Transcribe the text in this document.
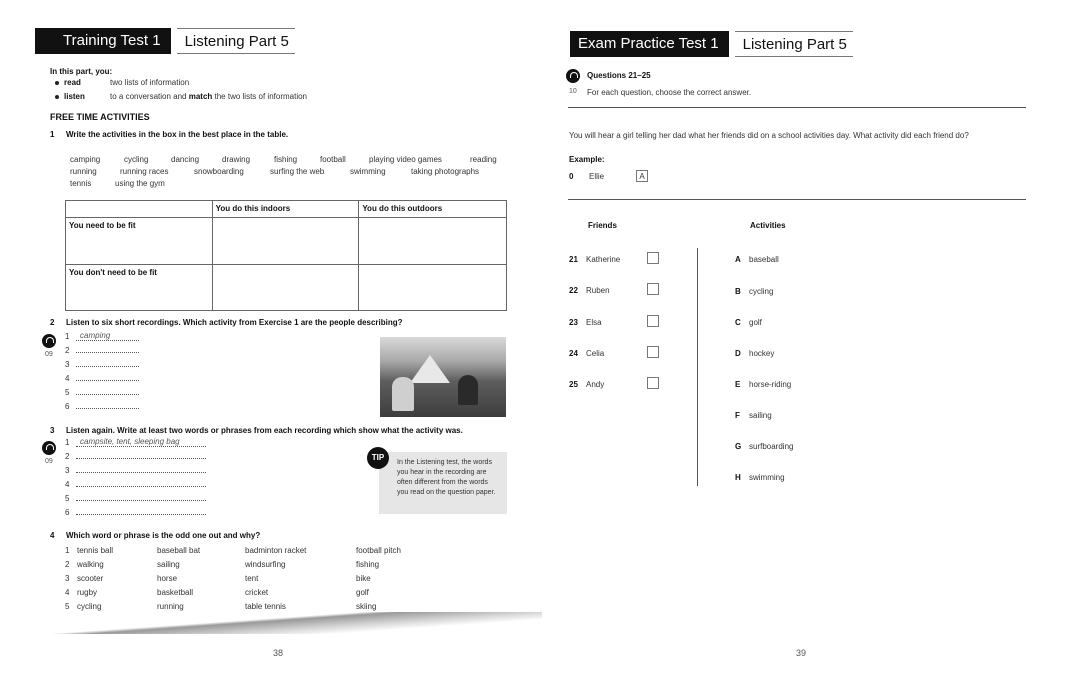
Training Test 1	Listening Part 5
In this part, you:
read	two lists of information
listen	to a conversation and match the two lists of information
FREE TIME ACTIVITIES
1 Write the activities in the box in the best place in the table.
camping	cycling	dancing	drawing	fishing	football	playing video games	reading
running	running races	snowboarding	surfing the web	swimming	taking photographs
tennis	using the gym
	You do this indoors	You do this outdoors
You need to be fit		
You don't need to be fit		
2 Listen to six short recordings. Which activity from Exercise 1 are the people describing?
09
1	camping
2
3
4
5
6
3 Listen again. Write at least two words or phrases from each recording which show what the activity was.
09
1	campsite, tent, sleeping bag
2
3
4
5
6
In the Listening test, the words you hear in the recording are often different from the words you read on the question paper.
TIP
4 Which word or phrase is the odd one out and why?
1 tennis ball	baseball bat	badminton racket	football pitch
2 walking	sailing	windsurfing	fishing
3 scooter	horse	tent	bike
4 rugby	basketball	cricket	golf
5 cycling	running	table tennis	skiing
38
Exam Practice Test 1	Listening Part 5
Questions 21–25
10 For each question, choose the correct answer.
You will hear a girl telling her dad what her friends did on a school activities day. What activity did each friend do?
Example:
0 Ellie	A
Friends	Activities
21 Katherine
22 Ruben
23 Elsa
24 Celia
25 Andy
A baseball
B cycling
C golf
D hockey
E horse-riding
F sailing
G surfboarding
H swimming
39
